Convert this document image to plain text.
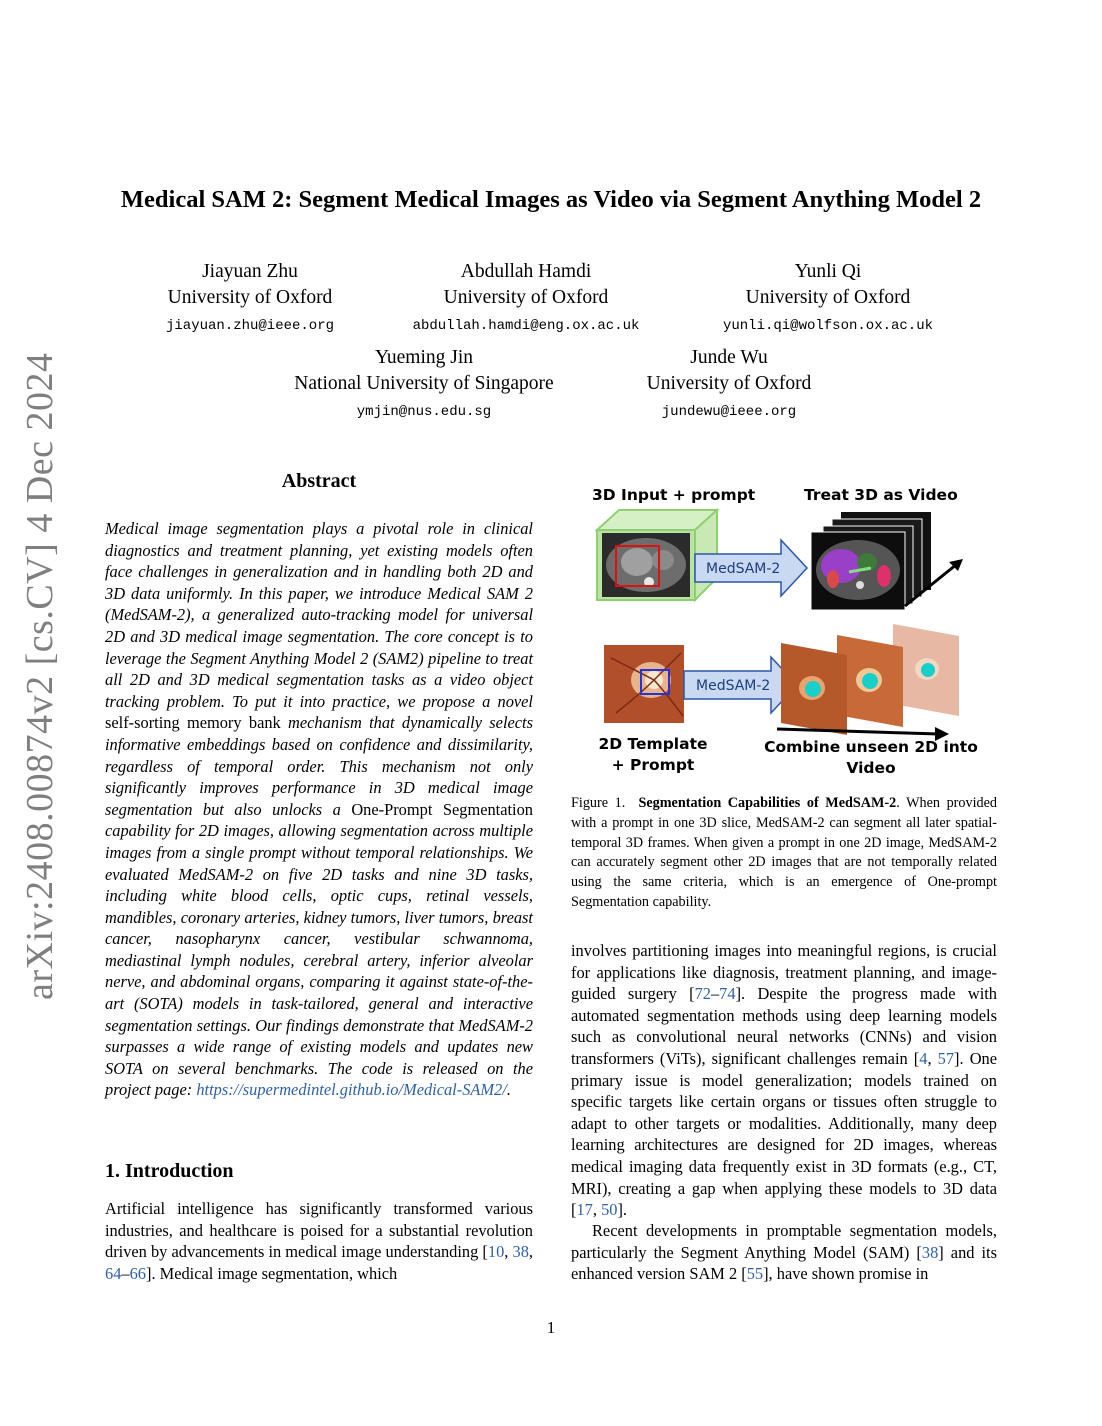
arXiv:2408.00874v2 [cs.CV] 4 Dec 2024
Medical SAM 2: Segment Medical Images as Video via Segment Anything Model 2
Jiayuan Zhu
University of Oxford
jiayuan.zhu@ieee.org
Abdullah Hamdi
University of Oxford
abdullah.hamdi@eng.ox.ac.uk
Yunli Qi
University of Oxford
yunli.qi@wolfson.ox.ac.uk
Yueming Jin
National University of Singapore
ymjin@nus.edu.sg
Junde Wu
University of Oxford
jundewu@ieee.org
Abstract
Medical image segmentation plays a pivotal role in clinical diagnostics and treatment planning, yet existing models often face challenges in generalization and in handling both 2D and 3D data uniformly. In this paper, we introduce Medical SAM 2 (MedSAM-2), a generalized auto-tracking model for universal 2D and 3D medical image segmentation. The core concept is to leverage the Segment Anything Model 2 (SAM2) pipeline to treat all 2D and 3D medical segmentation tasks as a video object tracking problem. To put it into practice, we propose a novel self-sorting memory bank mechanism that dynamically selects informative embeddings based on confidence and dissimilarity, regardless of temporal order. This mechanism not only significantly improves performance in 3D medical image segmentation but also unlocks a One-Prompt Segmentation capability for 2D images, allowing segmentation across multiple images from a single prompt without temporal relationships. We evaluated MedSAM-2 on five 2D tasks and nine 3D tasks, including white blood cells, optic cups, retinal vessels, mandibles, coronary arteries, kidney tumors, liver tumors, breast cancer, nasopharynx cancer, vestibular schwannoma, mediastinal lymph nodules, cerebral artery, inferior alveolar nerve, and abdominal organs, comparing it against state-of-the-art (SOTA) models in task-tailored, general and interactive segmentation settings. Our findings demonstrate that MedSAM-2 surpasses a wide range of existing models and updates new SOTA on several benchmarks. The code is released on the project page: https://supermedintel.github.io/Medical-SAM2/.
1. Introduction
Artificial intelligence has significantly transformed various industries, and healthcare is poised for a substantial revolution driven by advancements in medical image understanding [10, 38, 64–66]. Medical image segmentation, which
involves partitioning images into meaningful regions, is crucial for applications like diagnosis, treatment planning, and image-guided surgery [72–74]. Despite the progress made with automated segmentation methods using deep learning models such as convolutional neural networks (CNNs) and vision transformers (ViTs), significant challenges remain [4, 57]. One primary issue is model generalization; models trained on specific targets like certain organs or tissues often struggle to adapt to other targets or modalities. Additionally, many deep learning architectures are designed for 2D images, whereas medical imaging data frequently exist in 3D formats (e.g., CT, MRI), creating a gap when applying these models to 3D data [17, 50].
Recent developments in promptable segmentation models, particularly the Segment Anything Model (SAM) [38] and its enhanced version SAM 2 [55], have shown promise in
3D Input + prompt	Treat 3D as Video
MedSAM-2
MedSAM-2
2D Template
+ Prompt
Combine unseen 2D into
Video
Figure 1. Segmentation Capabilities of MedSAM-2. When provided with a prompt in one 3D slice, MedSAM-2 can segment all later spatial-temporal 3D frames. When given a prompt in one 2D image, MedSAM-2 can accurately segment other 2D images that are not temporally related using the same criteria, which is an emergence of One-prompt Segmentation capability.
1
